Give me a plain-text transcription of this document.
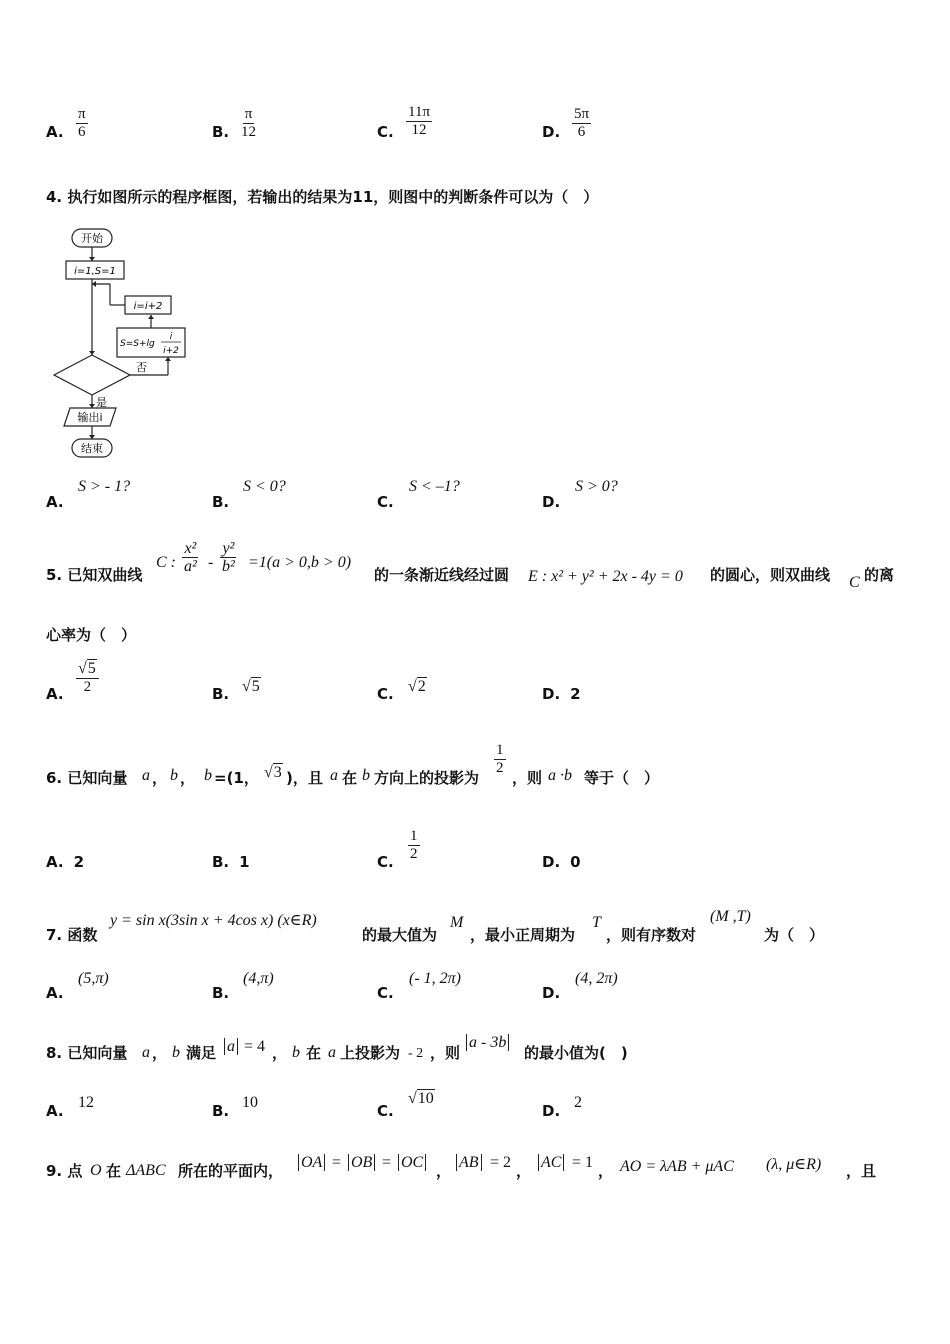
A. $\frac{\pi}{6}$	B. $\frac{\pi}{12}$	C. $\frac{11\pi}{12}$	D. $\frac{5\pi}{6}$
4. 执行如图所示的程序框图，若输出的结果为11，则图中的判断条件可以为（　）
开始
i=1,S=1
i=i+2
S=S+lg
i
i+2
否
是
输出i
结束
A.
S > - 1?
B.
S < 0?
C.
S < –1?
D.
S > 0?
5. 已知双曲线
C : $\frac{\text{x²}}{\text{a²}} - \frac{\text{y²}}{\text{b²}} =1(a > 0,b > 0)$
的一条渐近线经过圆 E : x² + y² + 2x - 4y = 0 的圆心，则双曲线 C 的离
心率为（　）
A. $\frac{√5}{2}$	B. √5	C. √2	D. 2
6. 已知向量 a ， b ， b =(1， √3 )，且 a 在 b 方向上的投影为
$\frac{1}{2}$
，则 a ·b 等于（　）
A. 2	B. 1	C. $\frac{1}{2}$	D. 0
7. 函数
y = sin x(3sin x + 4cos x) (x∈R)
的最大值为
M
，最小正周期为
T
，则有序数对
(M ,T)
为（　）
A.
(5,π)
B.
(4,π)
C.
(- 1, 2π)
D.
(4, 2π)
8. 已知向量 a ， b 满足 a = 4 ， b 在 a 上投影为 - 2 ，则
a - 3b
的最小值为(　)
A. 12	B. 10	C.
√10
D. 2
9. 点 O 在 ΔABC 所在的平面内， OA = OB = OC ， AB = 2 ， AC = 1 ， AO = λAB + μAC (λ, μ∈R) ，且
